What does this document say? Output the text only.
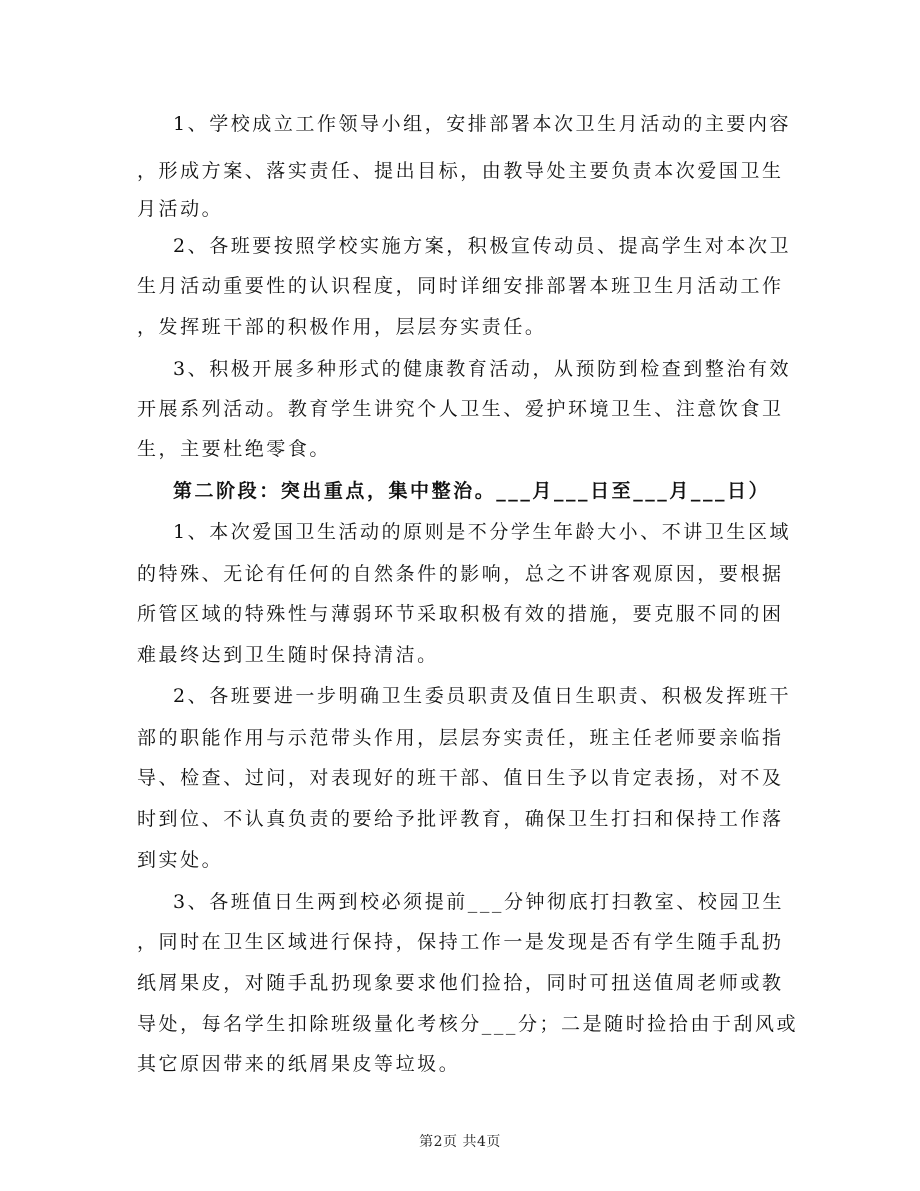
1、学校成立工作领导小组，安排部署本次卫生月活动的主要内容
，形成方案、落实责任、提出目标，由教导处主要负责本次爱国卫生
月活动。
2、各班要按照学校实施方案，积极宣传动员、提高学生对本次卫
生月活动重要性的认识程度，同时详细安排部署本班卫生月活动工作
，发挥班干部的积极作用，层层夯实责任。
3、积极开展多种形式的健康教育活动，从预防到检查到整治有效
开展系列活动。教育学生讲究个人卫生、爱护环境卫生、注意饮食卫
生，主要杜绝零食。
第二阶段：突出重点，集中整治。___月___日至___月___日）
1、本次爱国卫生活动的原则是不分学生年龄大小、不讲卫生区域
的特殊、无论有任何的自然条件的影响，总之不讲客观原因，要根据
所管区域的特殊性与薄弱环节采取积极有效的措施，要克服不同的困
难最终达到卫生随时保持清洁。
2、各班要进一步明确卫生委员职责及值日生职责、积极发挥班干
部的职能作用与示范带头作用，层层夯实责任，班主任老师要亲临指
导、检查、过问，对表现好的班干部、值日生予以肯定表扬，对不及
时到位、不认真负责的要给予批评教育，确保卫生打扫和保持工作落
到实处。
3、各班值日生两到校必须提前___分钟彻底打扫教室、校园卫生
，同时在卫生区域进行保持，保持工作一是发现是否有学生随手乱扔
纸屑果皮，对随手乱扔现象要求他们捡拾，同时可扭送值周老师或教
导处，每名学生扣除班级量化考核分___分；二是随时捡拾由于刮风或
其它原因带来的纸屑果皮等垃圾。
第2页 共4页
